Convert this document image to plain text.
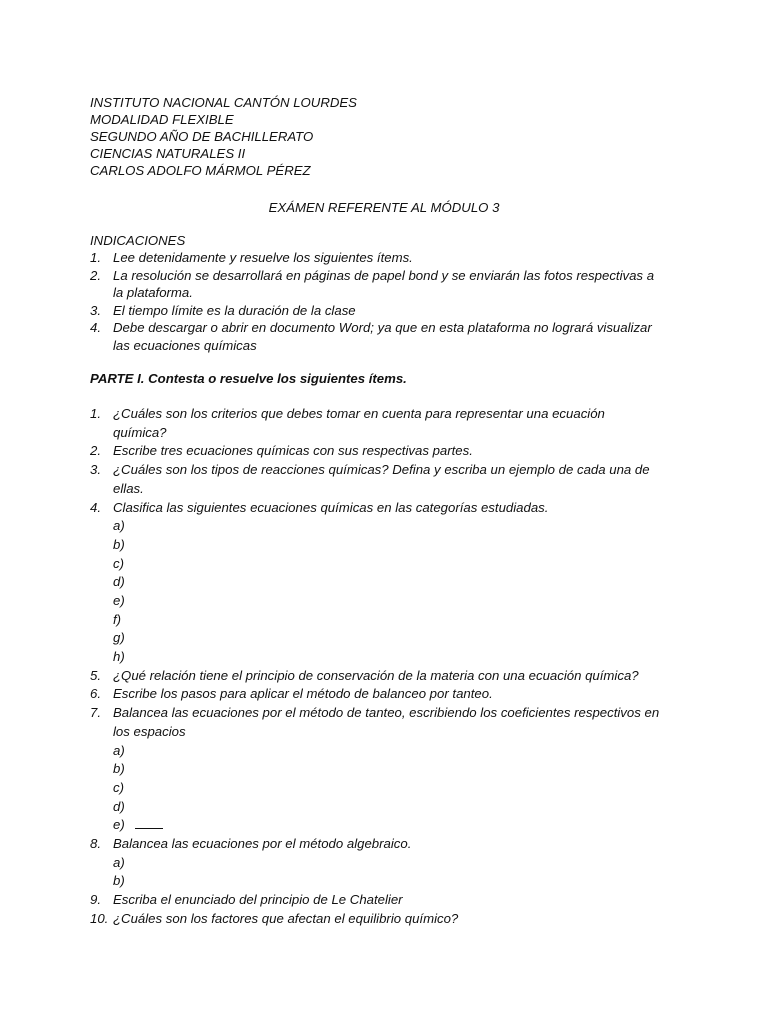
INSTITUTO NACIONAL CANTÓN LOURDES
MODALIDAD FLEXIBLE
SEGUNDO AÑO DE BACHILLERATO
CIENCIAS NATURALES II
CARLOS ADOLFO MÁRMOL PÉREZ
EXÁMEN REFERENTE AL MÓDULO 3
INDICACIONES
1. Lee detenidamente y resuelve los siguientes ítems.
2. La resolución se desarrollará en páginas de papel bond y se enviarán las fotos respectivas a la plataforma.
3. El tiempo límite es la duración de la clase
4. Debe descargar o abrir en documento Word; ya que en esta plataforma no logrará visualizar las ecuaciones químicas
PARTE I. Contesta o resuelve los siguientes ítems.
1. ¿Cuáles son los criterios que debes tomar en cuenta para representar una ecuación química?
2. Escribe tres ecuaciones químicas con sus respectivas partes.
3. ¿Cuáles son los tipos de reacciones químicas? Defina y escriba un ejemplo de cada una de ellas.
4. Clasifica las siguientes ecuaciones químicas en las categorías estudiadas.
a)
b)
c)
d)
e)
f)
g)
h)
5. ¿Qué relación tiene el principio de conservación de la materia con una ecuación química?
6. Escribe los pasos para aplicar el método de balanceo por tanteo.
7. Balancea las ecuaciones por el método de tanteo, escribiendo los coeficientes respectivos en los espacios
a)
b)
c)
d)
e)
8. Balancea las ecuaciones por el método algebraico.
a)
b)
9. Escriba el enunciado del principio de Le Chatelier
10. ¿Cuáles son los factores que afectan el equilibrio químico?
